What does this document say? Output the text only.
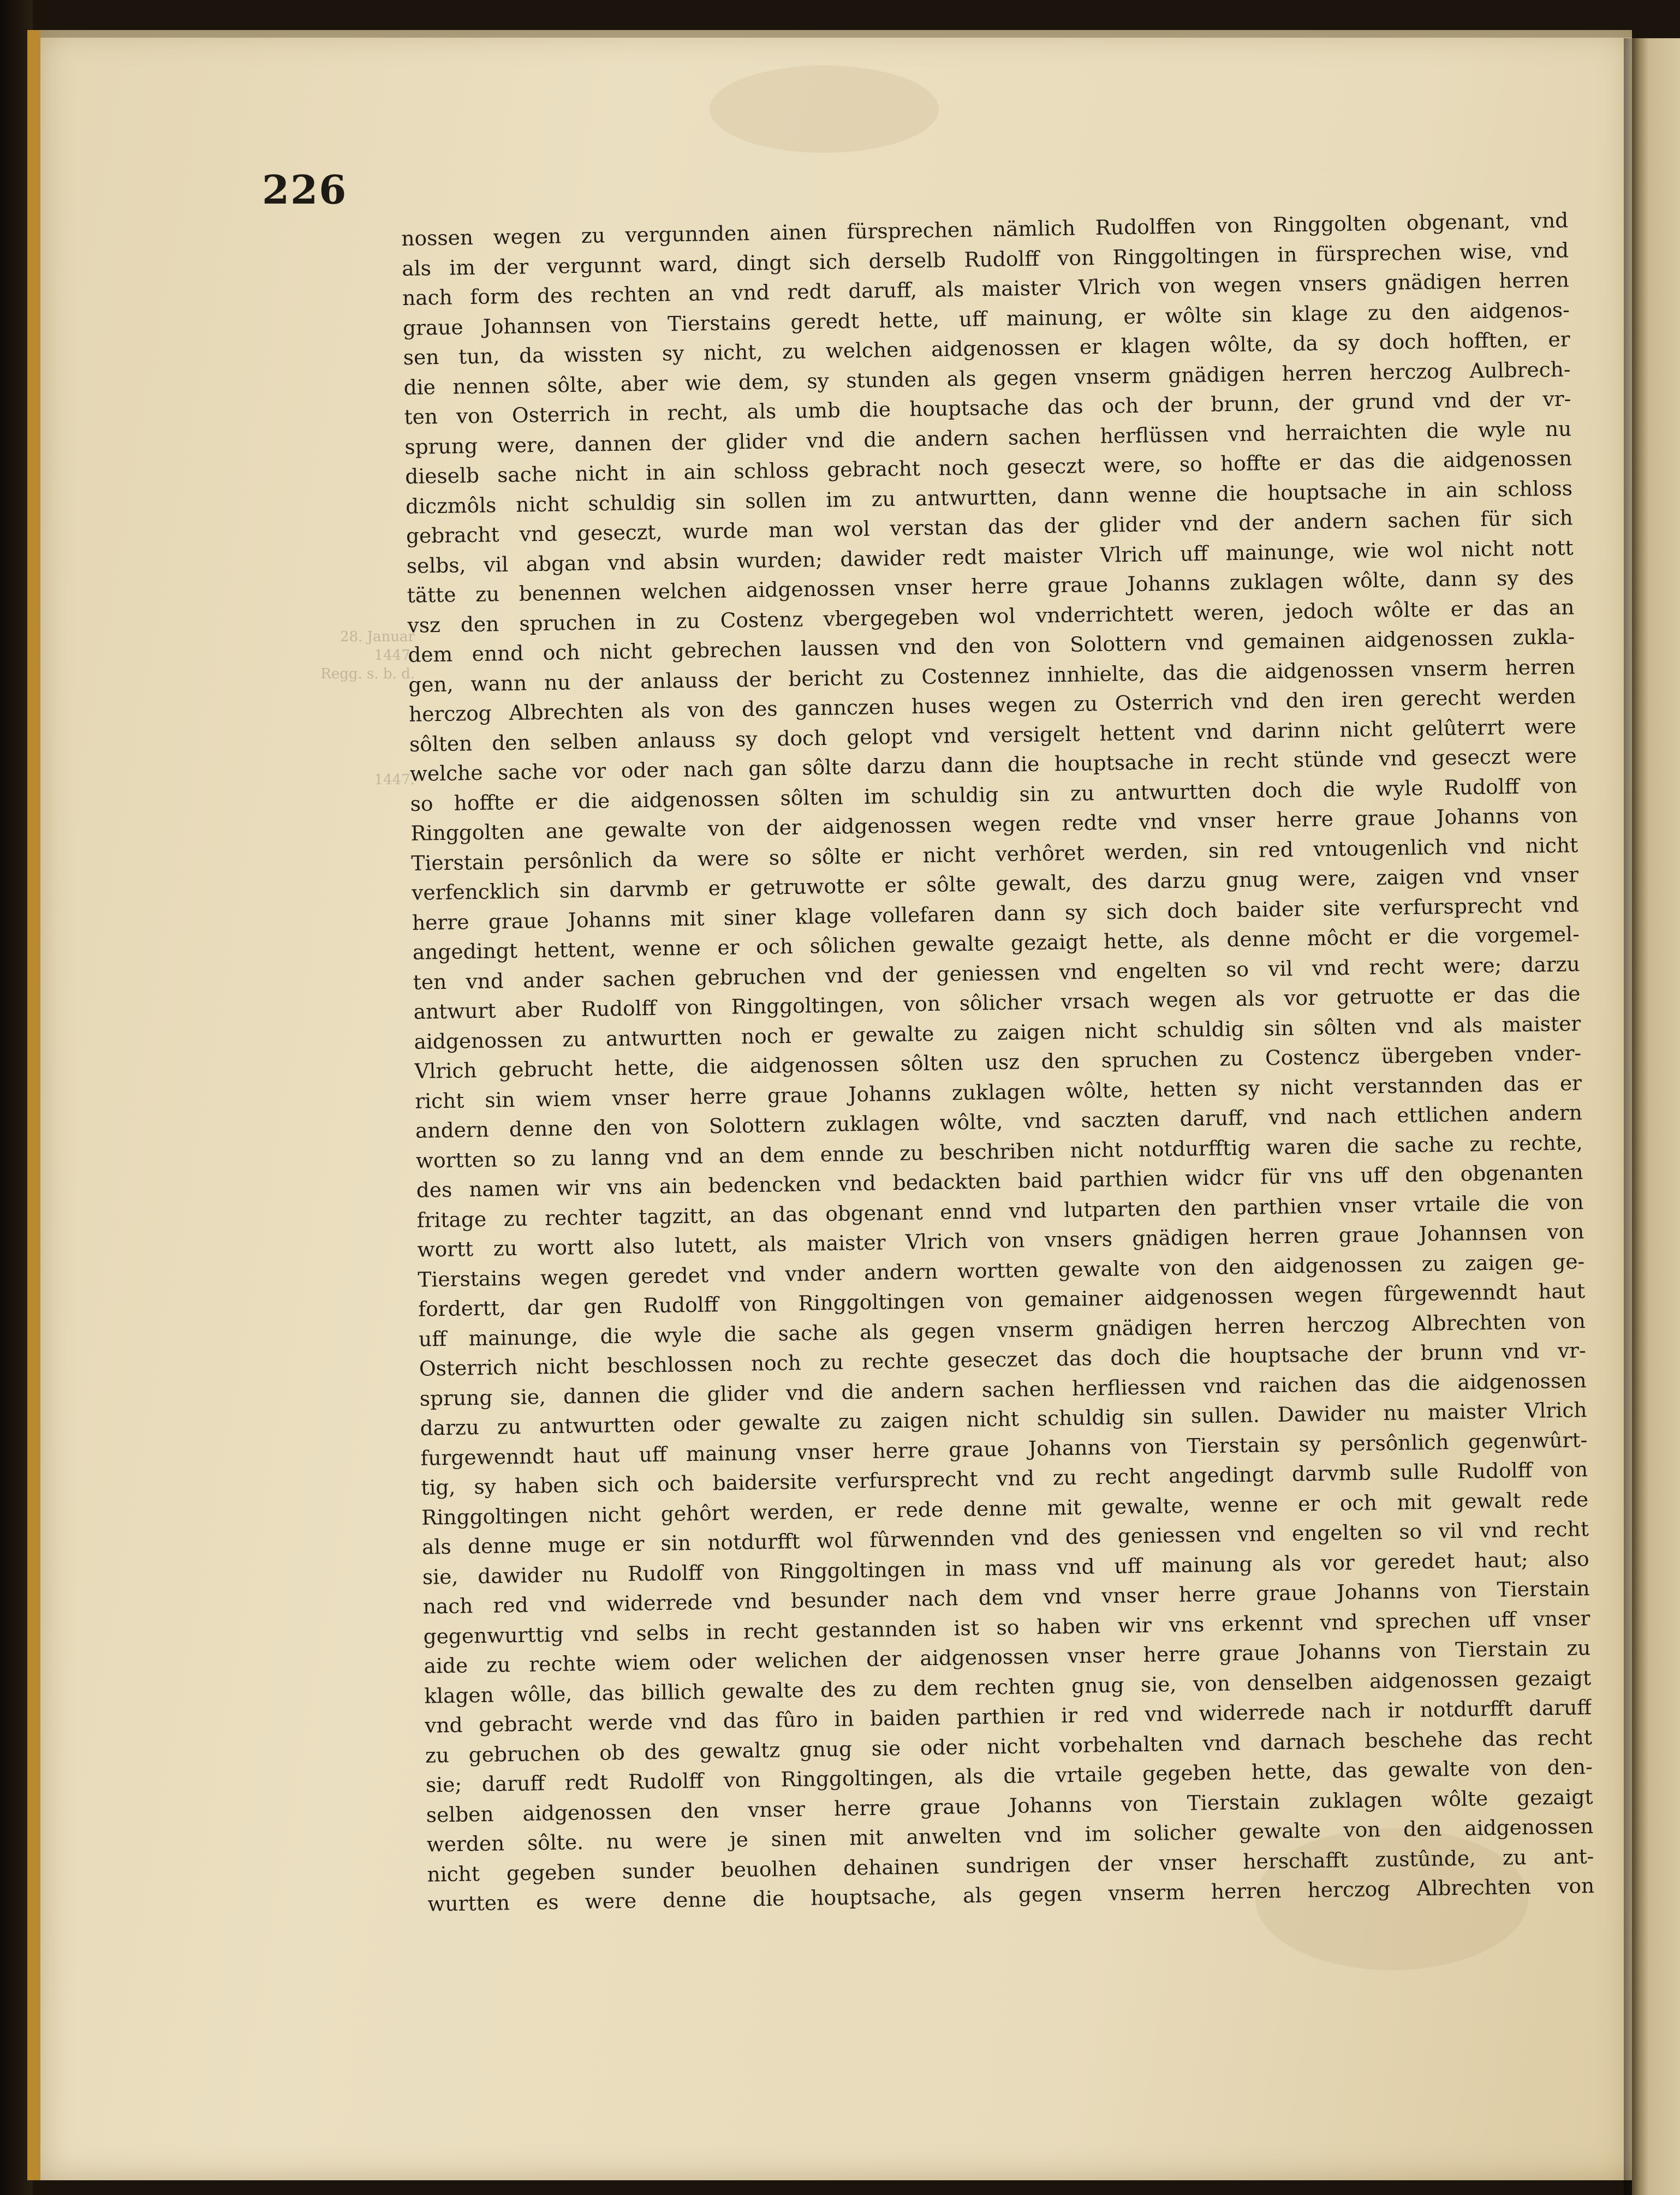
226
28. Januar
1447.
Regg. s. b. d.
1447.
nossen wegen zu vergunnden ainen fürsprechen nämlich Rudolffen von Ringgolten obgenant, vnd
als im der vergunnt ward, dingt sich derselb Rudolff von Ringgoltingen in fürsprechen wise, vnd
nach form des rechten an vnd redt daruff, als maister Vlrich von wegen vnsers gnädigen herren
graue Johannsen von Tierstains geredt hette, uff mainung, er wôlte sin klage zu den aidgenos-
sen tun, da wissten sy nicht, zu welchen aidgenossen er klagen wôlte, da sy doch hofften, er
die nennen sôlte, aber wie dem, sy stunden als gegen vnserm gnädigen herren herczog Aulbrech-
ten von Osterrich in recht, als umb die houptsache das och der brunn, der grund vnd der vr-
sprung were, dannen der glider vnd die andern sachen herflüssen vnd herraichten die wyle nu
dieselb sache nicht in ain schloss gebracht noch geseczt were, so hoffte er das die aidgenossen
diczmôls nicht schuldig sin sollen im zu antwurtten, dann wenne die houptsache in ain schloss
gebracht vnd geseczt, wurde man wol verstan das der glider vnd der andern sachen für sich
selbs, vil abgan vnd absin wurden; dawider redt maister Vlrich uff mainunge, wie wol nicht nott
tätte zu benennen welchen aidgenossen vnser herre graue Johanns zuklagen wôlte, dann sy des
vsz den spruchen in zu Costenz vbergegeben wol vnderrichtett weren, jedoch wôlte er das an
dem ennd och nicht gebrechen laussen vnd den von Solottern vnd gemainen aidgenossen zukla-
gen, wann nu der anlauss der bericht zu Costennez innhielte, das die aidgenossen vnserm herren
herczog Albrechten als von des gannczen huses wegen zu Osterrich vnd den iren gerecht werden
sôlten den selben anlauss sy doch gelopt vnd versigelt hettent vnd darinn nicht gelûterrt were
welche sache vor oder nach gan sôlte darzu dann die houptsache in recht stünde vnd geseczt were
so hoffte er die aidgenossen sôlten im schuldig sin zu antwurtten doch die wyle Rudolff von
Ringgolten ane gewalte von der aidgenossen wegen redte vnd vnser herre graue Johanns von
Tierstain persônlich da were so sôlte er nicht verhôret werden, sin red vntougenlich vnd nicht
verfencklich sin darvmb er getruwotte er sôlte gewalt, des darzu gnug were, zaigen vnd vnser
herre graue Johanns mit siner klage vollefaren dann sy sich doch baider site verfursprecht vnd
angedingt hettent, wenne er och sôlichen gewalte gezaigt hette, als denne môcht er die vorgemel-
ten vnd ander sachen gebruchen vnd der geniessen vnd engelten so vil vnd recht were; darzu
antwurt aber Rudolff von Ringgoltingen, von sôlicher vrsach wegen als vor getruotte er das die
aidgenossen zu antwurtten noch er gewalte zu zaigen nicht schuldig sin sôlten vnd als maister
Vlrich gebrucht hette, die aidgenossen sôlten usz den spruchen zu Costencz übergeben vnder-
richt sin wiem vnser herre graue Johanns zuklagen wôlte, hetten sy nicht verstannden das er
andern denne den von Solottern zuklagen wôlte, vnd saczten daruff, vnd nach ettlichen andern
wortten so zu lanng vnd an dem ennde zu beschriben nicht notdurfftig waren die sache zu rechte,
des namen wir vns ain bedencken vnd bedackten baid parthien widcr für vns uff den obgenanten
fritage zu rechter tagzitt, an das obgenant ennd vnd lutparten den parthien vnser vrtaile die von
wortt zu wortt also lutett, als maister Vlrich von vnsers gnädigen herren graue Johannsen von
Tierstains wegen geredet vnd vnder andern wortten gewalte von den aidgenossen zu zaigen ge-
fordertt, dar gen Rudolff von Ringgoltingen von gemainer aidgenossen wegen fûrgewenndt haut
uff mainunge, die wyle die sache als gegen vnserm gnädigen herren herczog Albrechten von
Osterrich nicht beschlossen noch zu rechte geseczet das doch die houptsache der brunn vnd vr-
sprung sie, dannen die glider vnd die andern sachen herfliessen vnd raichen das die aidgenossen
darzu zu antwurtten oder gewalte zu zaigen nicht schuldig sin sullen. Dawider nu maister Vlrich
furgewenndt haut uff mainung vnser herre graue Johanns von Tierstain sy persônlich gegenwûrt-
tig, sy haben sich och baidersite verfursprecht vnd zu recht angedingt darvmb sulle Rudolff von
Ringgoltingen nicht gehôrt werden, er rede denne mit gewalte, wenne er och mit gewalt rede
als denne muge er sin notdurfft wol fûrwennden vnd des geniessen vnd engelten so vil vnd recht
sie, dawider nu Rudolff von Ringgoltingen in mass vnd uff mainung als vor geredet haut; also
nach red vnd widerrede vnd besunder nach dem vnd vnser herre graue Johanns von Tierstain
gegenwurttig vnd selbs in recht gestannden ist so haben wir vns erkennt vnd sprechen uff vnser
aide zu rechte wiem oder welichen der aidgenossen vnser herre graue Johanns von Tierstain zu
klagen wôlle, das billich gewalte des zu dem rechten gnug sie, von denselben aidgenossen gezaigt
vnd gebracht werde vnd das fûro in baiden parthien ir red vnd widerrede nach ir notdurfft daruff
zu gebruchen ob des gewaltz gnug sie oder nicht vorbehalten vnd darnach beschehe das recht
sie; daruff redt Rudolff von Ringgoltingen, als die vrtaile gegeben hette, das gewalte von den-
selben aidgenossen den vnser herre graue Johanns von Tierstain zuklagen wôlte gezaigt
werden sôlte. nu were je sinen mit anwelten vnd im solicher gewalte von den aidgenossen
nicht gegeben sunder beuolhen dehainen sundrigen der vnser herschafft zustûnde, zu ant-
wurtten es were denne die houptsache, als gegen vnserm herren herczog Albrechten von
